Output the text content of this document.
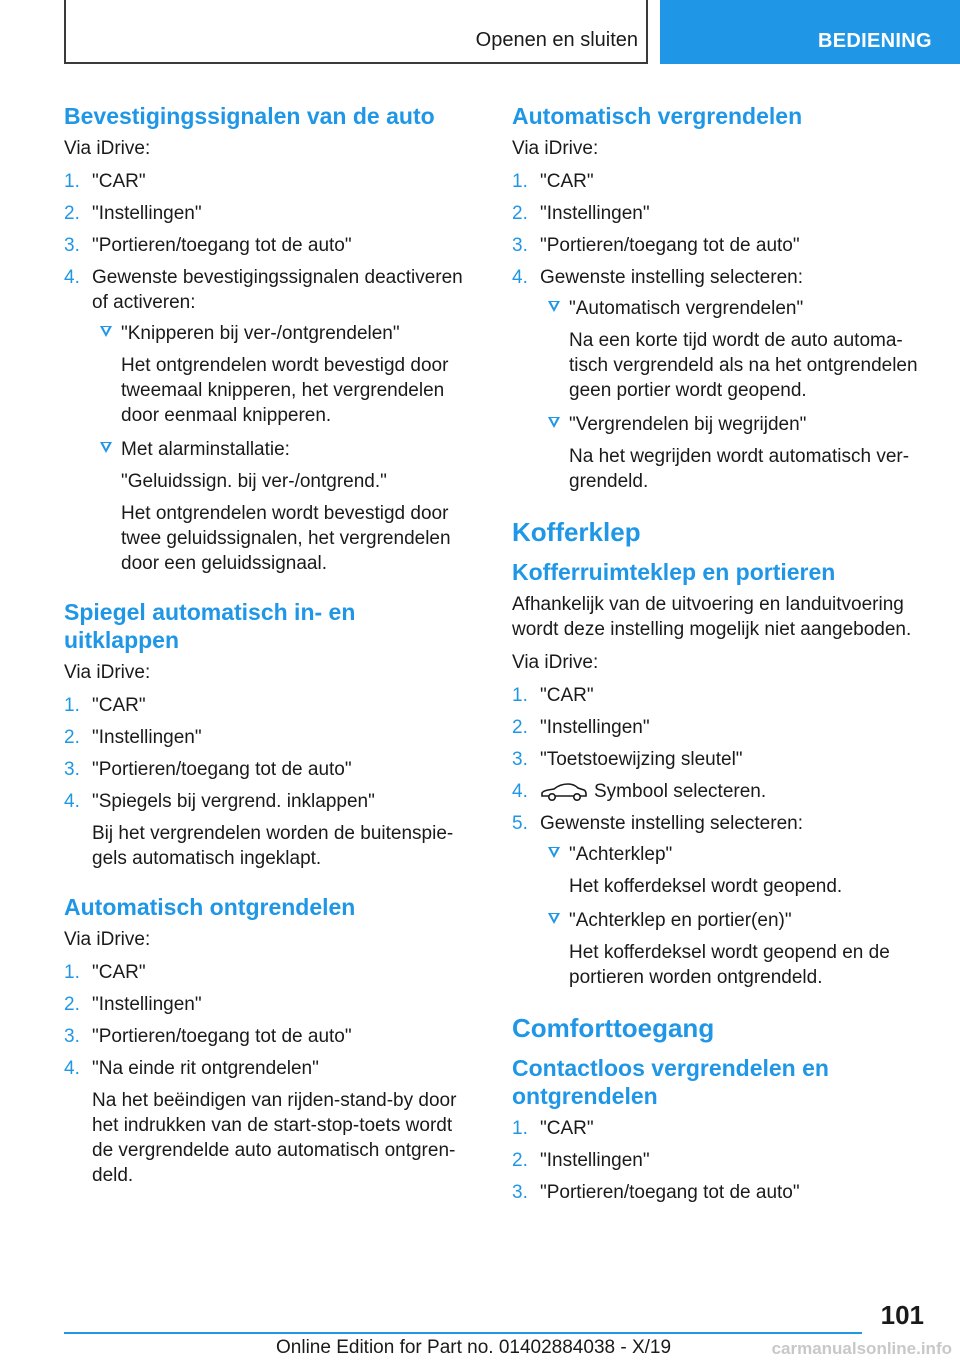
Openen en sluiten	BEDIENING
Bevestigingssignalen van de auto

Via iDrive:

1. "CAR"
2. "Instellingen"
3. "Portieren/toegang tot de auto"
4. Gewenste bevestigingssignalen deactiveren of activeren:
"Knipperen bij ver-/ontgrendelen"
Het ontgrendelen wordt bevestigd door tweemaal knipperen, het vergrendelen door eenmaal knipperen.
Met alarminstallatie:
"Geluidssign. bij ver-/ontgrend."
Het ontgrendelen wordt bevestigd door twee geluidssignalen, het vergrendelen door een geluidssignaal.
Spiegel automatisch in- en uitklappen

Via iDrive:

1. "CAR"
2. "Instellingen"
3. "Portieren/toegang tot de auto"
4. "Spiegels bij vergrend. inklappen"
Bij het vergrendelen worden de buitenspie- gels automatisch ingeklapt.
Automatisch ontgrendelen

Via iDrive:

1. "CAR"
2. "Instellingen"
3. "Portieren/toegang tot de auto"
4. "Na einde rit ontgrendelen"
Na het beëindigen van rijden-stand-by door het indrukken van de start-stop-toets wordt de vergrendelde auto automatisch ontgren- deld.
Automatisch vergrendelen

Via iDrive:

1. "CAR"
2. "Instellingen"
3. "Portieren/toegang tot de auto"
4. Gewenste instelling selecteren:
"Automatisch vergrendelen"
Na een korte tijd wordt de auto automa- tisch vergrendeld als na het ontgrendelen geen portier wordt geopend.
"Vergrendelen bij wegrijden"
Na het wegrijden wordt automatisch ver- grendeld.
Kofferklep
Kofferruimteklep en portieren

Afhankelijk van de uitvoering en landuitvoering wordt deze instelling mogelijk niet aangeboden.

Via iDrive:

1. "CAR"
2. "Instellingen"
3. "Toetstoewijzing sleutel"
4.	Symbool selecteren.
5. Gewenste instelling selecteren:
"Achterklep"
Het kofferdeksel wordt geopend.
"Achterklep en portier(en)"
Het kofferdeksel wordt geopend en de portieren worden ontgrendeld.
Comforttoegang
Contactloos vergrendelen en ontgrendelen
1. "CAR"
2. "Instellingen"
3. "Portieren/toegang tot de auto"
101
Online Edition for Part no. 01402884038 - X/19	carmanualsonline.info
